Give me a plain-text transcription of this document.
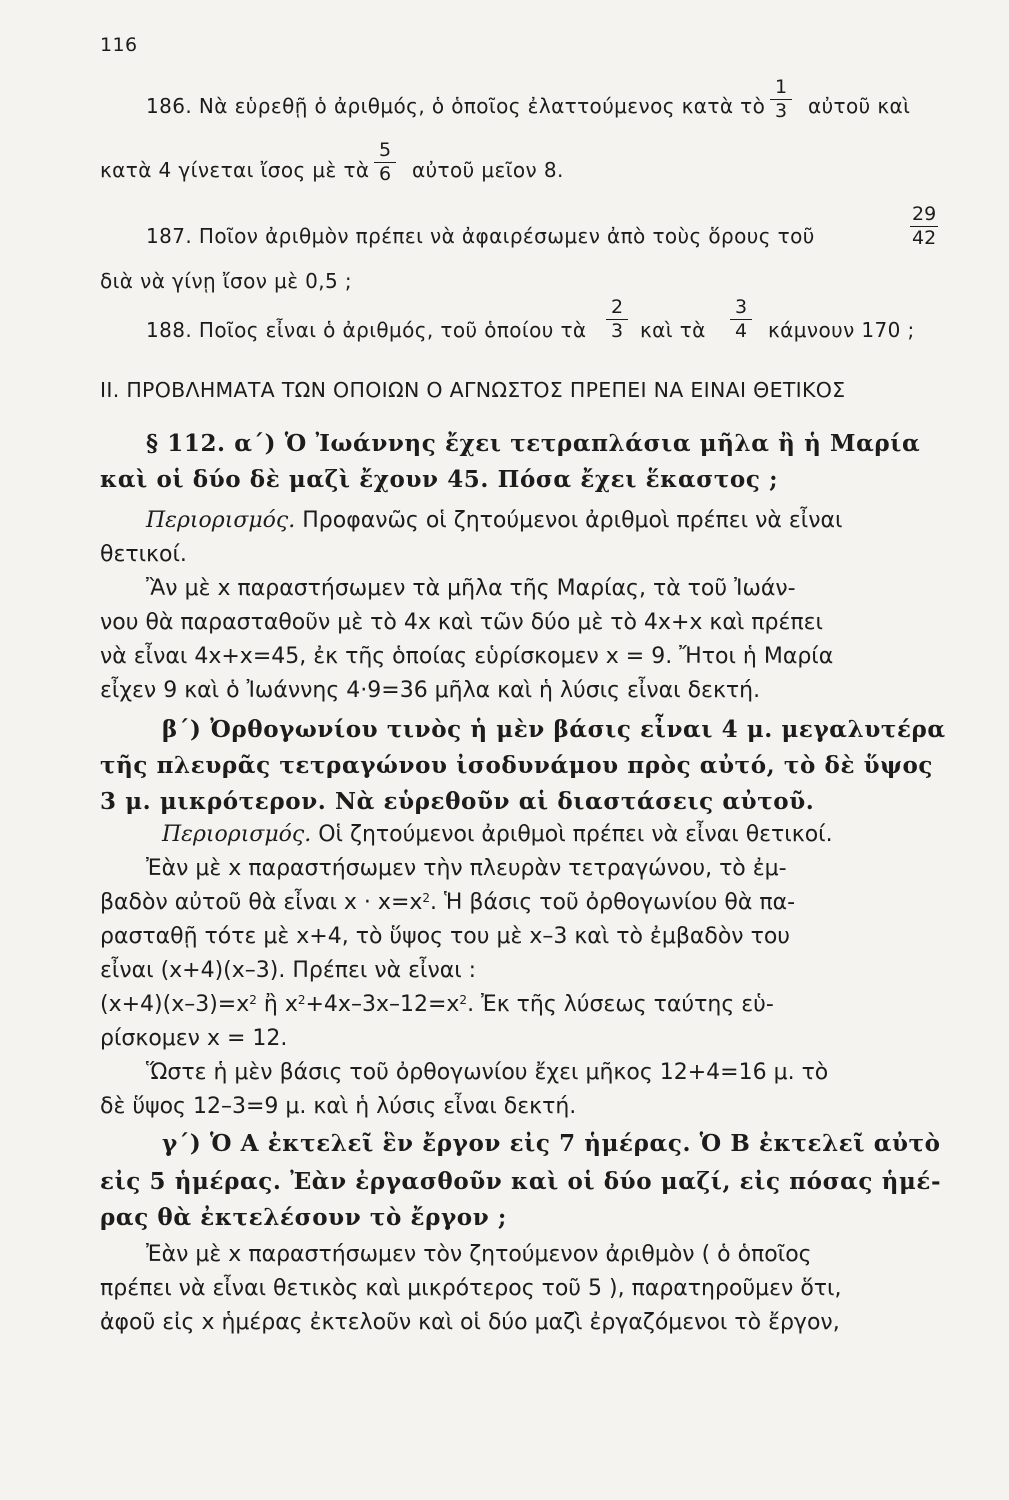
116
186. Νὰ εὑρεθῇ ὁ ἀριθμός, ὁ ὁποῖος ἐλαττούμενος κατὰ τὸ
1
3 αὐτοῦ καὶ
κατὰ 4 γίνεται ἴσος μὲ τὰ
5
6 αὐτοῦ μεῖον 8.
187. Ποῖον ἀριθμὸν πρέπει νὰ ἀφαιρέσωμεν ἀπὸ τοὺς ὅρους τοῦ
29
42
διὰ νὰ γίνῃ ἴσον μὲ 0,5 ;
188. Ποῖος εἶναι ὁ ἀριθμός, τοῦ ὁποίου τὰ
2
3 καὶ τὰ
3
4 κάμνουν 170 ;
ΙΙ. ΠΡΟΒΛΗΜΑΤΑ ΤΩΝ ΟΠΟΙΩΝ Ο ΑΓΝΩΣΤΟΣ ΠΡΕΠΕΙ ΝΑ ΕΙΝΑΙ ΘΕΤΙΚΟΣ
§ 112. α΄) Ὁ Ἰωάννης ἔχει τετραπλάσια μῆλα ἢ ἡ Μαρία
καὶ οἱ δύο δὲ μαζὶ ἔχουν 45. Πόσα ἔχει ἕκαστος ;
Περιορισμός. Προφανῶς οἱ ζητούμενοι ἀριθμοὶ πρέπει νὰ εἶναι
θετικοί.
Ἂν μὲ x παραστήσωμεν τὰ μῆλα τῆς Μαρίας, τὰ τοῦ Ἰωάν-
νου θὰ παρασταθοῦν μὲ τὸ 4x καὶ τῶν δύο μὲ τὸ 4x+x καὶ πρέπει
νὰ εἶναι 4x+x=45, ἐκ τῆς ὁποίας εὑρίσκομεν x = 9. Ἤτοι ἡ Μαρία
εἶχεν 9 καὶ ὁ Ἰωάννης 4·9=36 μῆλα καὶ ἡ λύσις εἶναι δεκτή.
β΄) Ὀρθογωνίου τινὸς ἡ μὲν βάσις εἶναι 4 μ. μεγαλυτέρα
τῆς πλευρᾶς τετραγώνου ἰσοδυνάμου πρὸς αὐτό, τὸ δὲ ὕψος
3 μ. μικρότερον. Νὰ εὑρεθοῦν αἱ διαστάσεις αὐτοῦ.
Περιορισμός. Οἱ ζητούμενοι ἀριθμοὶ πρέπει νὰ εἶναι θετικοί.
Ἐὰν μὲ x παραστήσωμεν τὴν πλευρὰν τετραγώνου, τὸ ἐμ-
βαδὸν αὐτοῦ θὰ εἶναι $x \cdot x=x^2$. Ἡ βάσις τοῦ ὀρθογωνίου θὰ πα-
ρασταθῇ τότε μὲ x+4, τὸ ὕψος του μὲ x–3 καὶ τὸ ἐμβαδὸν του
εἶναι (x+4)(x–3). Πρέπει νὰ εἶναι :
$(x+4)(x-3)=x^2$ ἢ $x^2+4x-3x-12=x^2$. Ἐκ τῆς λύσεως ταύτης εὑ-
ρίσκομεν x = 12.
Ὥστε ἡ μὲν βάσις τοῦ ὀρθογωνίου ἔχει μῆκος 12+4=16 μ. τὸ
δὲ ὕψος 12–3=9 μ. καὶ ἡ λύσις εἶναι δεκτή.
γ΄) Ὁ Α ἐκτελεῖ ἓν ἔργον εἰς 7 ἡμέρας. Ὁ Β ἐκτελεῖ αὐτὸ
εἰς 5 ἡμέρας. Ἐὰν ἐργασθοῦν καὶ οἱ δύο μαζί, εἰς πόσας ἡμέ-
ρας θὰ ἐκτελέσουν τὸ ἔργον ;
Ἐὰν μὲ x παραστήσωμεν τὸν ζητούμενον ἀριθμὸν ( ὁ ὁποῖος
πρέπει νὰ εἶναι θετικὸς καὶ μικρότερος τοῦ 5 ), παρατηροῦμεν ὅτι,
ἀφοῦ εἰς x ἡμέρας ἐκτελοῦν καὶ οἱ δύο μαζὶ ἐργαζόμενοι τὸ ἔργον,
